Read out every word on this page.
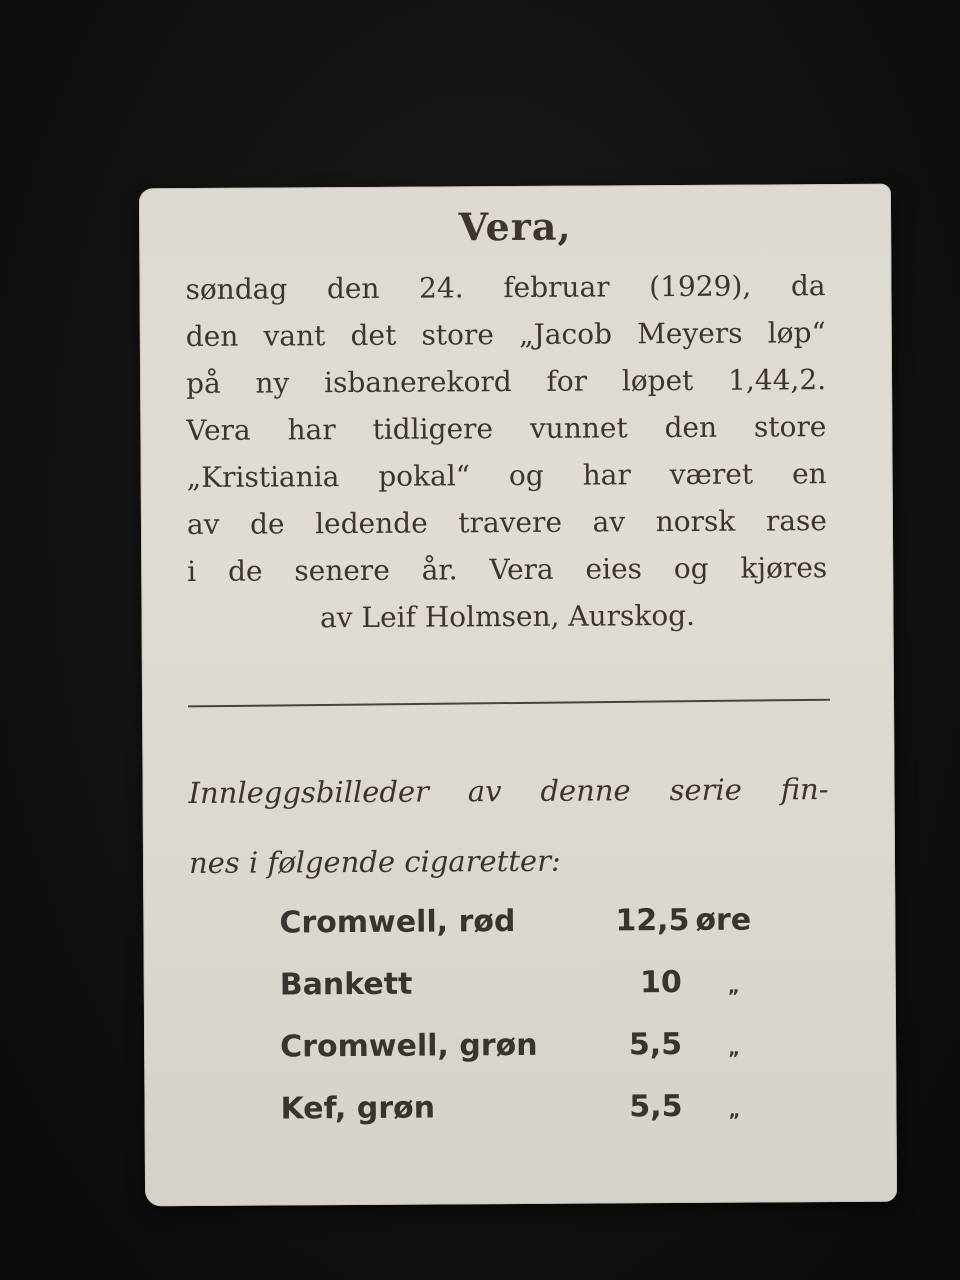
Vera,
søndag den 24. februar (1929), da
den vant det store „Jacob Meyers løp“
på ny isbanerekord for løpet 1,44,2.
Vera har tidligere vunnet den store
„Kristiania pokal“ og har været en
av de ledende travere av norsk rase
i de senere år. Vera eies og kjøres
av Leif Holmsen, Aurskog.
Innleggsbilleder av denne serie fin-
nes i følgende cigaretter:
Cromwell, rød	12,5 øre
Bankett	10	„
Cromwell, grøn	5,5	„
Kef, grøn	5,5	„
